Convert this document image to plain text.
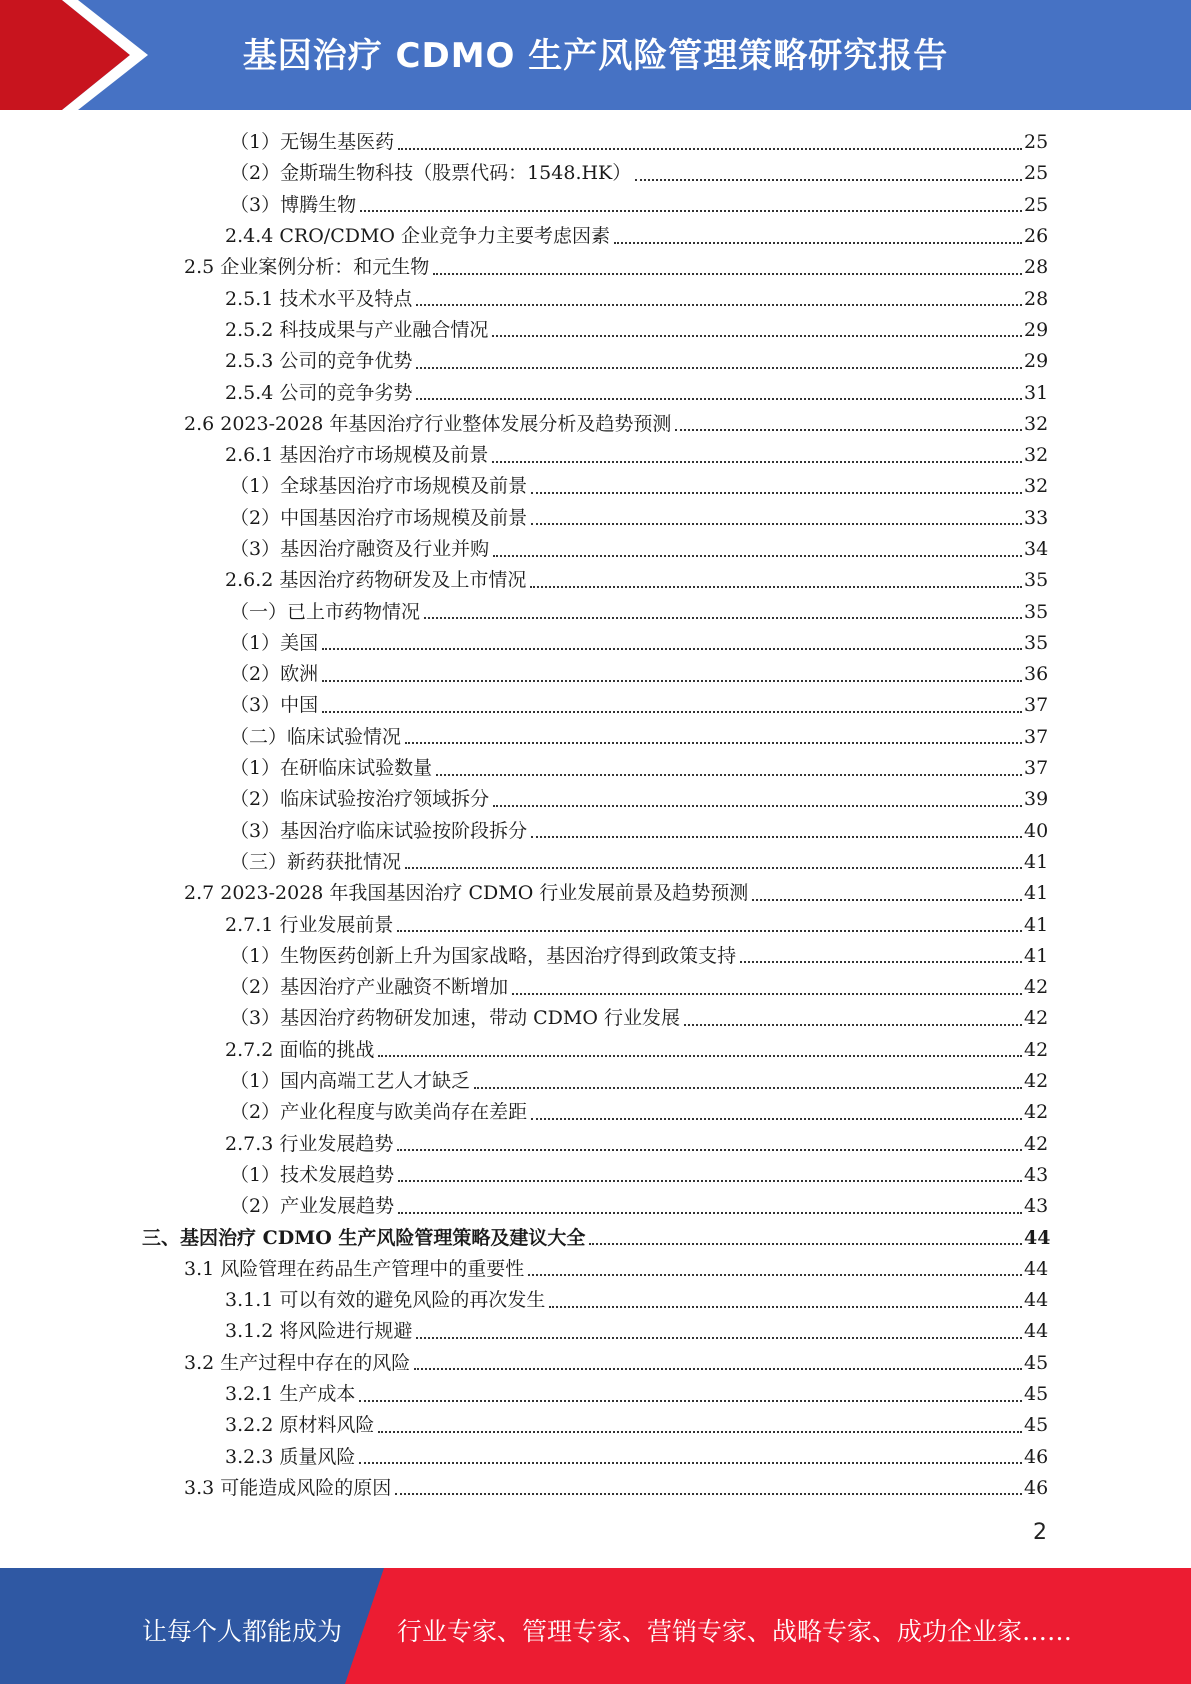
基因治疗 CDMO 生产风险管理策略研究报告
（1）无锡生基医药	25
（2）金斯瑞生物科技（股票代码：1548.HK）	25
（3）博腾生物	25
2.4.4 CRO/CDMO 企业竞争力主要考虑因素	26
2.5 企业案例分析：和元生物	28
2.5.1 技术水平及特点	28
2.5.2 科技成果与产业融合情况	29
2.5.3 公司的竞争优势	29
2.5.4 公司的竞争劣势	31
2.6 2023-2028 年基因治疗行业整体发展分析及趋势预测	32
2.6.1 基因治疗市场规模及前景	32
（1）全球基因治疗市场规模及前景	32
（2）中国基因治疗市场规模及前景	33
（3）基因治疗融资及行业并购	34
2.6.2 基因治疗药物研发及上市情况	35
（一）已上市药物情况	35
（1）美国	35
（2）欧洲	36
（3）中国	37
（二）临床试验情况	37
（1）在研临床试验数量	37
（2）临床试验按治疗领域拆分	39
（3）基因治疗临床试验按阶段拆分	40
（三）新药获批情况	41
2.7 2023-2028 年我国基因治疗 CDMO 行业发展前景及趋势预测	41
2.7.1 行业发展前景	41
（1）生物医药创新上升为国家战略，基因治疗得到政策支持	41
（2）基因治疗产业融资不断增加	42
（3）基因治疗药物研发加速，带动 CDMO 行业发展	42
2.7.2 面临的挑战	42
（1）国内高端工艺人才缺乏	42
（2）产业化程度与欧美尚存在差距	42
2.7.3 行业发展趋势	42
（1）技术发展趋势	43
（2）产业发展趋势	43
三、基因治疗 CDMO 生产风险管理策略及建议大全	44
3.1 风险管理在药品生产管理中的重要性	44
3.1.1 可以有效的避免风险的再次发生	44
3.1.2 将风险进行规避	44
3.2 生产过程中存在的风险	45
3.2.1 生产成本	45
3.2.2 原材料风险	45
3.2.3 质量风险	46
3.3 可能造成风险的原因	46
2
让每个人都能成为 行业专家、管理专家、营销专家、战略专家、成功企业家……
